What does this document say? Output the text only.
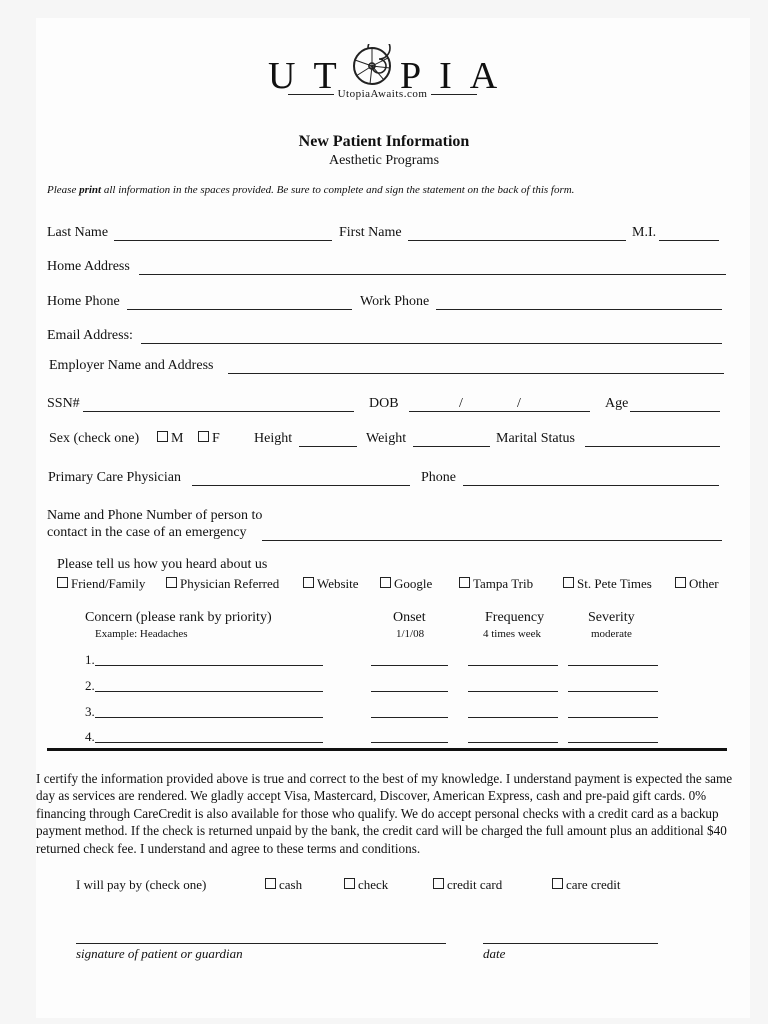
UT PIA
UtopiaAwaits.com
New Patient Information
Aesthetic Programs
Please print all information in the spaces provided. Be sure to complete and sign the statement on the back of this form.
Last Name	First Name	M.I.
Home Address
Home Phone	Work Phone
Email Address:
Employer Name and Address
SSN#	DOB	/	/	Age
Sex (check one)	M	F Height	Weight	Marital Status
Primary Care Physician	Phone
Name and Phone Number of person to
contact in the case of an emergency
Please tell us how you heard about us
Friend/Family	Physician Referred	Website	Google	Tampa Trib	St. Pete Times	Other
Concern (please rank by priority)	Onset	Frequency	Severity
Example: Headaches	1/1/08	4 times week	moderate
1.
2.
3.
4.
I certify the information provided above is true and correct to the best of my knowledge. I understand payment is expected the same day as services are rendered. We gladly accept Visa, Mastercard, Discover, American Express, cash and pre-paid gift cards. 0% financing through CareCredit is also available for those who qualify. We do accept personal checks with a credit card as a backup payment method. If the check is returned unpaid by the bank, the credit card will be charged the full amount plus an additional $40 returned check fee. I understand and agree to these terms and conditions.
I will pay by (check one)	cash	check	credit card	care credit
signature of patient or guardian	date
